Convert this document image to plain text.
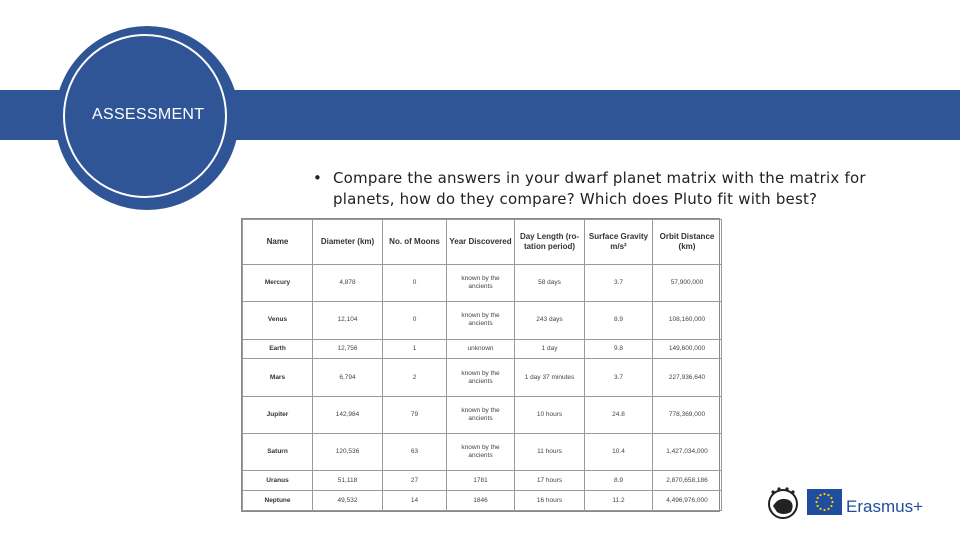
ASSESSMENT
• Compare the answers in your dwarf planet matrix with the matrix for
planets, how do they compare? Which does Pluto fit with best?
Name	Diameter (km)	No. of Moons	Year Discovered	Day Length (ro-tation period)	Surface Gravity m/s²	Orbit Distance (km)
Mercury	4,878	0	known by the ancients	58 days	3.7	57,900,000
Venus	12,104	0	known by the ancients	243 days	8.9	108,160,000
Earth	12,756	1	unknown	1 day	9.8	149,600,000
Mars	6,794	2	known by the ancients	1 day 37 minutes	3.7	227,936,640
Jupiter	142,984	79	known by the ancients	10 hours	24.8	778,369,000
Saturn	120,536	63	known by the ancients	11 hours	10.4	1,427,034,000
Uranus	51,118	27	1781	17 hours	8.9	2,870,658,186
Neptune	49,532	14	1846	16 hours	11.2	4,496,976,000	Erasmus+
